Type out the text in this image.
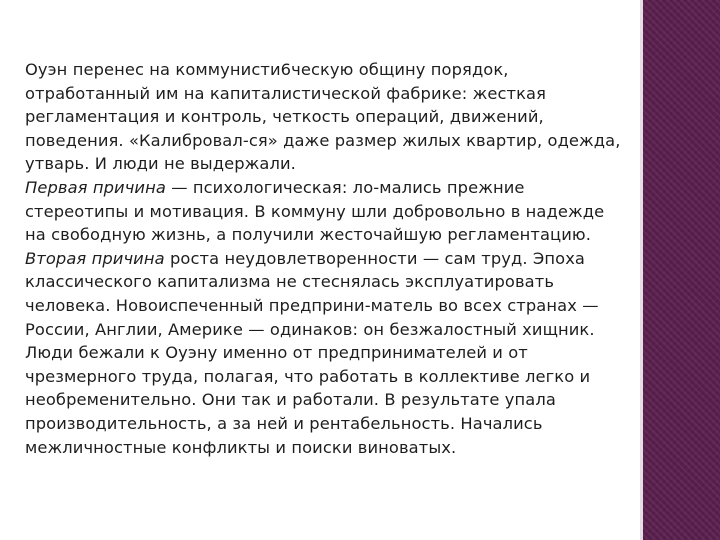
Оуэн перенес на коммунисти6ческую общину порядок, отработанный им на капиталистической фабрике: жесткая регламентация и контроль, четкость операций, движений, поведения. «Калибровал-ся» даже размер жилых квартир, одежда, утварь. И люди не выдержали.

Первая причина — психологическая: ло-мались прежние стереотипы и мотивация. В коммуну шли добровольно в надежде на свободную жизнь, а получили жесточайшую регламентацию.

Вторая причина роста неудовлетворенности — сам труд. Эпоха классического капитализма не стеснялась эксплуатировать человека. Новоиспеченный предприни-матель во всех странах — России, Англии, Америке — одинаков: он безжалостный хищник. Люди бежали к Оуэну именно от предпринимателей и от чрезмерного труда, полагая, что работать в коллективе легко и необременительно. Они так и работали. В результате упала производительность, а за ней и рентабельность. Начались межличностные конфликты и поиски виноватых.
